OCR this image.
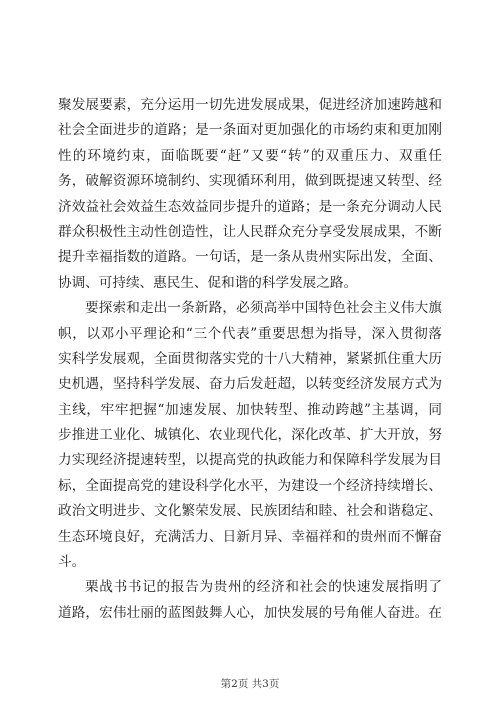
聚发展要素，充分运用一切先进发展成果，促进经济加速跨越和
社会全面进步的道路；是一条面对更加强化的市场约束和更加刚
性的环境约束，面临既要“赶”又要“转”的双重压力、双重任
务，破解资源环境制约、实现循环利用，做到既提速又转型、经
济效益社会效益生态效益同步提升的道路；是一条充分调动人民
群众积极性主动性创造性，让人民群众充分享受发展成果，不断
提升幸福指数的道路。一句话，是一条从贵州实际出发，全面、
协调、可持续、惠民生、促和谐的科学发展之路。
要探索和走出一条新路，必须高举中国特色社会主义伟大旗
帜，以邓小平理论和“三个代表”重要思想为指导，深入贯彻落
实科学发展观，全面贯彻落实党的十八大精神，紧紧抓住重大历
史机遇，坚持科学发展、奋力后发赶超，以转变经济发展方式为
主线，牢牢把握“加速发展、加快转型、推动跨越”主基调，同
步推进工业化、城镇化、农业现代化，深化改革、扩大开放，努
力实现经济提速转型，以提高党的执政能力和保障科学发展为目
标，全面提高党的建设科学化水平，为建设一个经济持续增长、
政治文明进步、文化繁荣发展、民族团结和睦、社会和谐稳定、
生态环境良好，充满活力、日新月异、幸福祥和的贵州而不懈奋
斗。
栗战书书记的报告为贵州的经济和社会的快速发展指明了
道路，宏伟壮丽的蓝图鼓舞人心，加快发展的号角催人奋进。在
第2页 共3页
